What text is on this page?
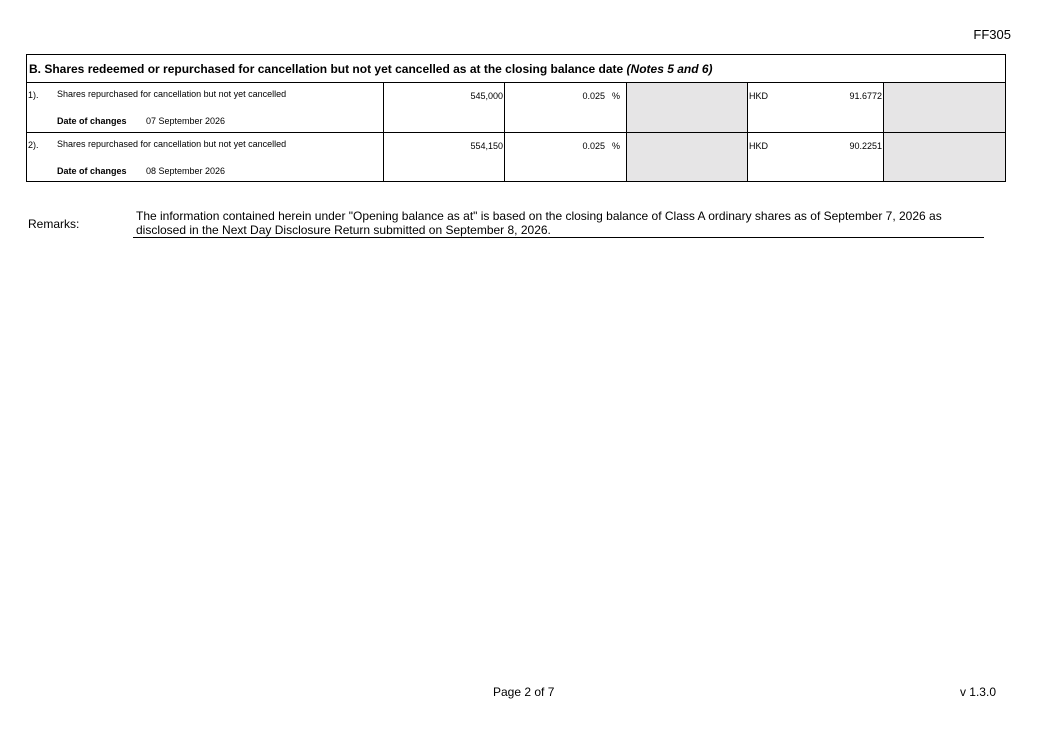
FF305
B. Shares redeemed or repurchased for cancellation but not yet cancelled as at the closing balance date (Notes 5 and 6)
1). Shares repurchased for cancellation but not yet cancelled
Date of changes 07 September 2026
545,000	0.025 %	HKD	91.6772
2). Shares repurchased for cancellation but not yet cancelled
Date of changes 08 September 2026
554,150	0.025 %	HKD	90.2251
Remarks:
The information contained herein under "Opening balance as at" is based on the closing balance of Class A ordinary shares as of September 7, 2026 as disclosed in the Next Day Disclosure Return submitted on September 8, 2026.
Page 2 of 7	v 1.3.0
